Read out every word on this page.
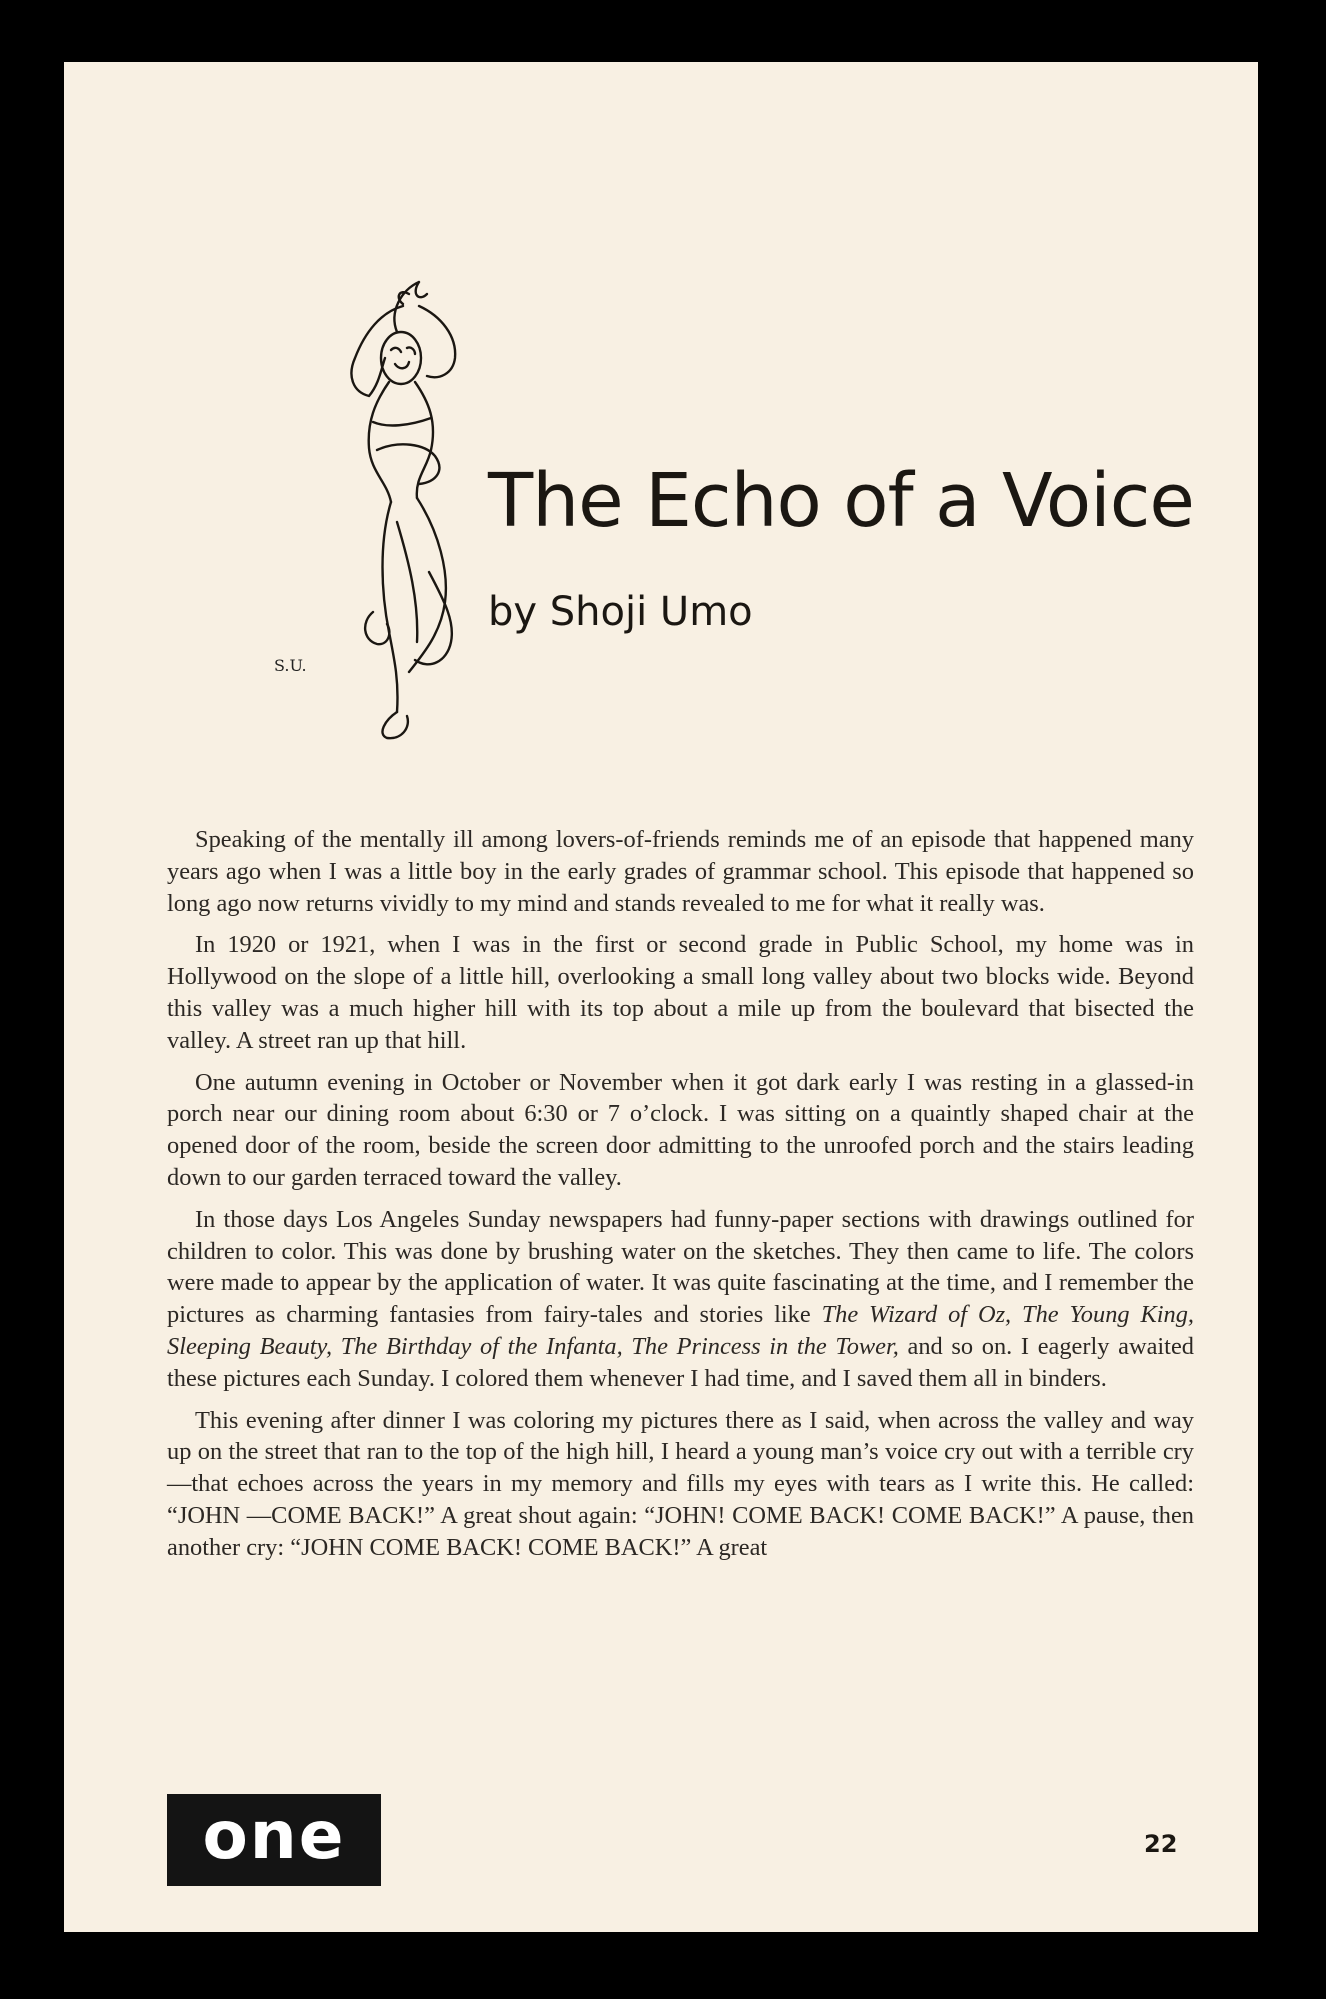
The Echo of a Voice
by Shoji Umo
S.U.

Speaking of the mentally ill among lovers-of-friends reminds me of an episode that happened many years ago when I was a little boy in the early grades of grammar school. This episode that happened so long ago now returns vividly to my mind and stands revealed to me for what it really was.

In 1920 or 1921, when I was in the first or second grade in Public School, my home was in Hollywood on the slope of a little hill, overlooking a small long valley about two blocks wide. Beyond this valley was a much higher hill with its top about a mile up from the boulevard that bisected the valley. A street ran up that hill.

One autumn evening in October or November when it got dark early I was resting in a glassed-in porch near our dining room about 6:30 or 7 o’clock. I was sitting on a quaintly shaped chair at the opened door of the room, beside the screen door admitting to the unroofed porch and the stairs leading down to our garden terraced toward the valley.

In those days Los Angeles Sunday newspapers had funny-paper sections with drawings outlined for children to color. This was done by brushing water on the sketches. They then came to life. The colors were made to appear by the application of water. It was quite fascinating at the time, and I remember the pictures as charming fantasies from fairy-tales and stories like The Wizard of Oz, The Young King, Sleeping Beauty, The Birthday of the Infanta, The Princess in the Tower, and so on. I eagerly awaited these pictures each Sunday. I colored them whenever I had time, and I saved them all in binders.

This evening after dinner I was coloring my pictures there as I said, when across the valley and way up on the street that ran to the top of the high hill, I heard a young man’s voice cry out with a terrible cry—that echoes across the years in my memory and fills my eyes with tears as I write this. He called: “JOHN —COME BACK!” A great shout again: “JOHN! COME BACK! COME BACK!” A pause, then another cry: “JOHN COME BACK! COME BACK!” A great

one	22
